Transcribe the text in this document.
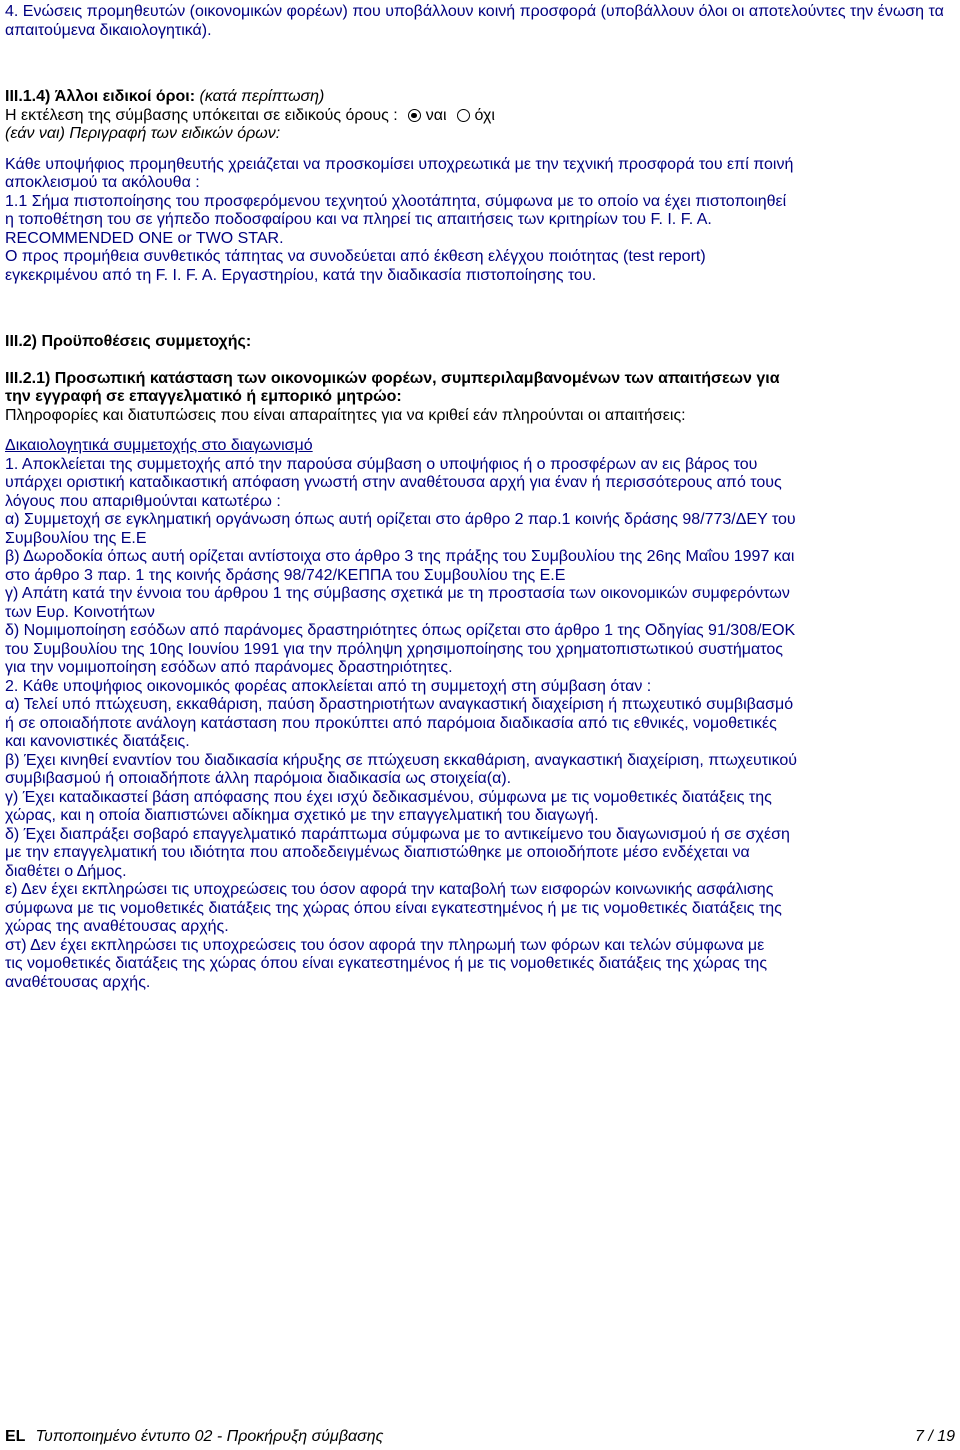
4. Ενώσεις προμηθευτών (οικονομικών φορέων) που υποβάλλουν κοινή προσφορά (υποβάλλουν όλοι οι αποτελούντες την ένωση τα απαιτούμενα δικαιολογητικά).

III.1.4) Άλλοι ειδικοί όροι: (κατά περίπτωση)

Η εκτέλεση της σύμβασης υπόκειται σε ειδικούς όρους : ναι όχι

(εάν ναι) Περιγραφή των ειδικών όρων:

Κάθε υποψήφιος προμηθευτής χρειάζεται να προσκομίσει υποχρεωτικά με την τεχνική προσφορά του επί ποινή
αποκλεισμού τα ακόλουθα :
1.1 Σήμα πιστοποίησης του προσφερόμενου τεχνητού χλοοτάπητα, σύμφωνα με το οποίο να έχει πιστοποιηθεί
η τοποθέτηση του σε γήπεδο ποδοσφαίρου και να πληρεί τις απαιτήσεις των κριτηρίων του F. I. F. A.
RECOMMENDED ONE or TWO STAR.
Ο προς προμήθεια συνθετικός τάπητας να συνοδεύεται από έκθεση ελέγχου ποιότητας (test report)
εγκεκριμένου από τη F. I. F. A. Εργαστηρίου, κατά την διαδικασία πιστοποίησης του.

III.2) Προϋποθέσεις συμμετοχής:

III.2.1) Προσωπική κατάσταση των οικονομικών φορέων, συμπεριλαμβανομένων των απαιτήσεων για
την εγγραφή σε επαγγελματικό ή εμπορικό μητρώο:

Πληροφορίες και διατυπώσεις που είναι απαραίτητες για να κριθεί εάν πληρούνται οι απαιτήσεις:

Δικαιολογητικά συμμετοχής στο διαγωνισμό

1. Αποκλείεται της συμμετοχής από την παρούσα σύμβαση ο υποψήφιος ή ο προσφέρων αν εις βάρος του
υπάρχει οριστική καταδικαστική απόφαση γνωστή στην αναθέτουσα αρχή για έναν ή περισσότερους από τους
λόγους που απαριθμούνται κατωτέρω :
α) Συμμετοχή σε εγκληματική οργάνωση όπως αυτή ορίζεται στο άρθρο 2 παρ.1 κοινής δράσης 98/773/ΔΕΥ του
Συμβουλίου της Ε.Ε
β) Δωροδοκία όπως αυτή ορίζεται αντίστοιχα στο άρθρο 3 της πράξης του Συμβουλίου της 26ης Μαΐου 1997 και
στο άρθρο 3 παρ. 1 της κοινής δράσης 98/742/ΚΕΠΠΑ του Συμβουλίου της Ε.Ε
γ) Απάτη κατά την έννοια του άρθρου 1 της σύμβασης σχετικά με τη προστασία των οικονομικών συμφερόντων
των Ευρ. Κοινοτήτων
δ) Νομιμοποίηση εσόδων από παράνομες δραστηριότητες όπως ορίζεται στο άρθρο 1 της Οδηγίας 91/308/ΕΟΚ
του Συμβουλίου της 10ης Ιουνίου 1991 για την πρόληψη χρησιμοποίησης του χρηματοπιστωτικού συστήματος
για την νομιμοποίηση εσόδων από παράνομες δραστηριότητες.
2. Κάθε υποψήφιος οικονομικός φορέας αποκλείεται από τη συμμετοχή στη σύμβαση όταν :
α) Τελεί υπό πτώχευση, εκκαθάριση, παύση δραστηριοτήτων αναγκαστική διαχείριση ή πτωχευτικό συμβιβασμό
ή σε οποιαδήποτε ανάλογη κατάσταση που προκύπτει από παρόμοια διαδικασία από τις εθνικές, νομοθετικές
και κανονιστικές διατάξεις.
β) Έχει κινηθεί εναντίον του διαδικασία κήρυξης σε πτώχευση εκκαθάριση, αναγκαστική διαχείριση, πτωχευτικού
συμβιβασμού ή οποιαδήποτε άλλη παρόμοια διαδικασία ως στοιχεία(α).
γ) Έχει καταδικαστεί βάση απόφασης που έχει ισχύ δεδικασμένου, σύμφωνα με τις νομοθετικές διατάξεις της
χώρας, και η οποία διαπιστώνει αδίκημα σχετικό με την επαγγελματική του διαγωγή.
δ) Έχει διαπράξει σοβαρό επαγγελματικό παράπτωμα σύμφωνα με το αντικείμενο του διαγωνισμού ή σε σχέση
με την επαγγελματική του ιδιότητα που αποδεδειγμένως διαπιστώθηκε με οποιοδήποτε μέσο ενδέχεται να
διαθέτει ο Δήμος.
ε) Δεν έχει εκπληρώσει τις υποχρεώσεις του όσον αφορά την καταβολή των εισφορών κοινωνικής ασφάλισης
σύμφωνα με τις νομοθετικές διατάξεις της χώρας όπου είναι εγκατεστημένος ή με τις νομοθετικές διατάξεις της
χώρας της αναθέτουσας αρχής.
στ) Δεν έχει εκπληρώσει τις υποχρεώσεις του όσον αφορά την πληρωμή των φόρων και τελών σύμφωνα με
τις νομοθετικές διατάξεις της χώρας όπου είναι εγκατεστημένος ή με τις νομοθετικές διατάξεις της χώρας της
αναθέτουσας αρχής.
EL Τυποποιημένο έντυπο 02 - Προκήρυξη σύμβασης	7 / 19
